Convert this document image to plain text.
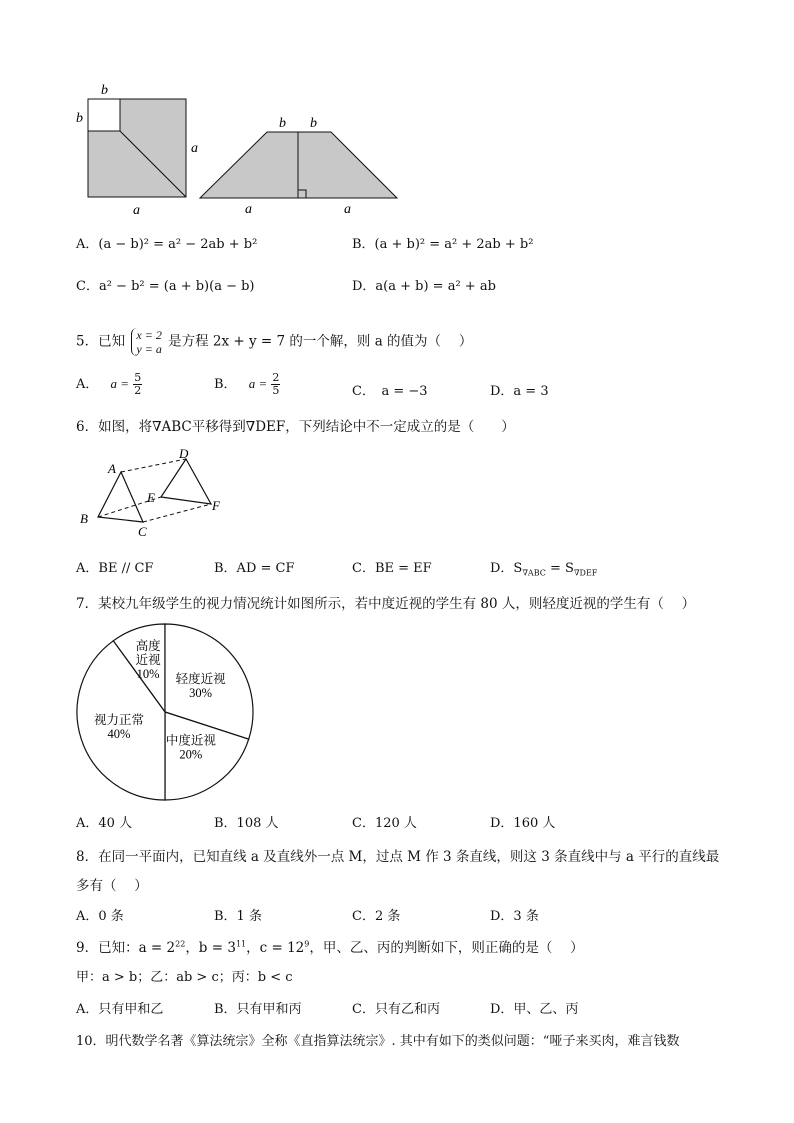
b
b
a
a
b b
a	a
A．(a − b)² = a² − 2ab + b²	B．(a + b)² = a² + 2ab + b²
C．a² − b² = (a + b)(a − b)	D．a(a + b) = a² + ab
5．已知 x = 2
y = a 是方程 2x + y = 7 的一个解，则 a 的值为（　 ）
A． $a = \frac{5}{2}$	B． $a = \frac{2}{5}$	C．　a = −3	D．a = 3
6．如图，将∇ABC平移得到∇DEF，下列结论中不一定成立的是（　　）
A
B
C
D
E
F
A．BE // CF	B．AD = CF	C．BE = EF	D．$S_{\nabla ABC} = S_{\nabla DEF}$
7．某校九年级学生的视力情况统计如图所示，若中度近视的学生有 80 人，则轻度近视的学生有（　 ）
高度
近视
10% 轻度近视
30%
中度近视
20%
视力正常
40%
A．40 人	B．108 人	C．120 人	D．160 人
8．在同一平面内，已知直线 a 及直线外一点 M，过点 M 作 3 条直线，则这 3 条直线中与 a 平行的直线最
多有（　 ）
A．0 条	B．1 条	C．2 条	D．3 条
9．已知：$a = 2^{22}$，$b = 3^{11}$，$c = 12^9$，甲、乙、丙的判断如下，则正确的是（　 ）
甲：a > b；乙：ab > c；丙：b < c
A．只有甲和乙	B．只有甲和丙	C．只有乙和丙	D．甲、乙、丙
10．明代数学名著《算法统宗》全称《直指算法统宗》. 其中有如下的类似问题：“哑子来买肉，难言钱数
